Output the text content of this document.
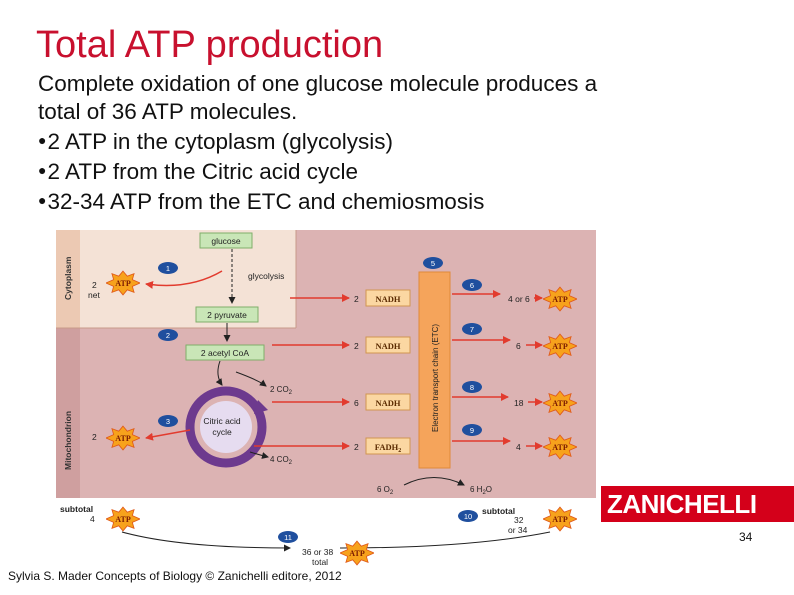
Total ATP production
Complete oxidation of one glucose molecule produces a
total of 36 ATP molecules.
●2 ATP in the cytoplasm (glycolysis)
●2 ATP from the Citric acid cycle
●32-34 ATP from the ETC and chemiosmosis
Cytoplasm
Mitochondrion
glucose
glycolysis
2 pyruvate
2 acetyl CoA
Citric acid
cycle
2 $CO_2$
4 $CO_2$
2
net
ATP
2 ATP
1
2
3	Electron transport chain (ETC)
5
2 NADH
2 NADH
6 NADH
2 $FADH_2$
6
4 or 6	ATP
7
6	ATP
8
18	ATP
9
4	ATP
6 $O_2$	6 $H_2O$
subtotal
4	ATP	10
subtotal
32
or 34
ATP
11
36 or 38
total
ATP
ZANICHELLI
34
Sylvia S. Mader Concepts of Biology © Zanichelli editore, 2012
